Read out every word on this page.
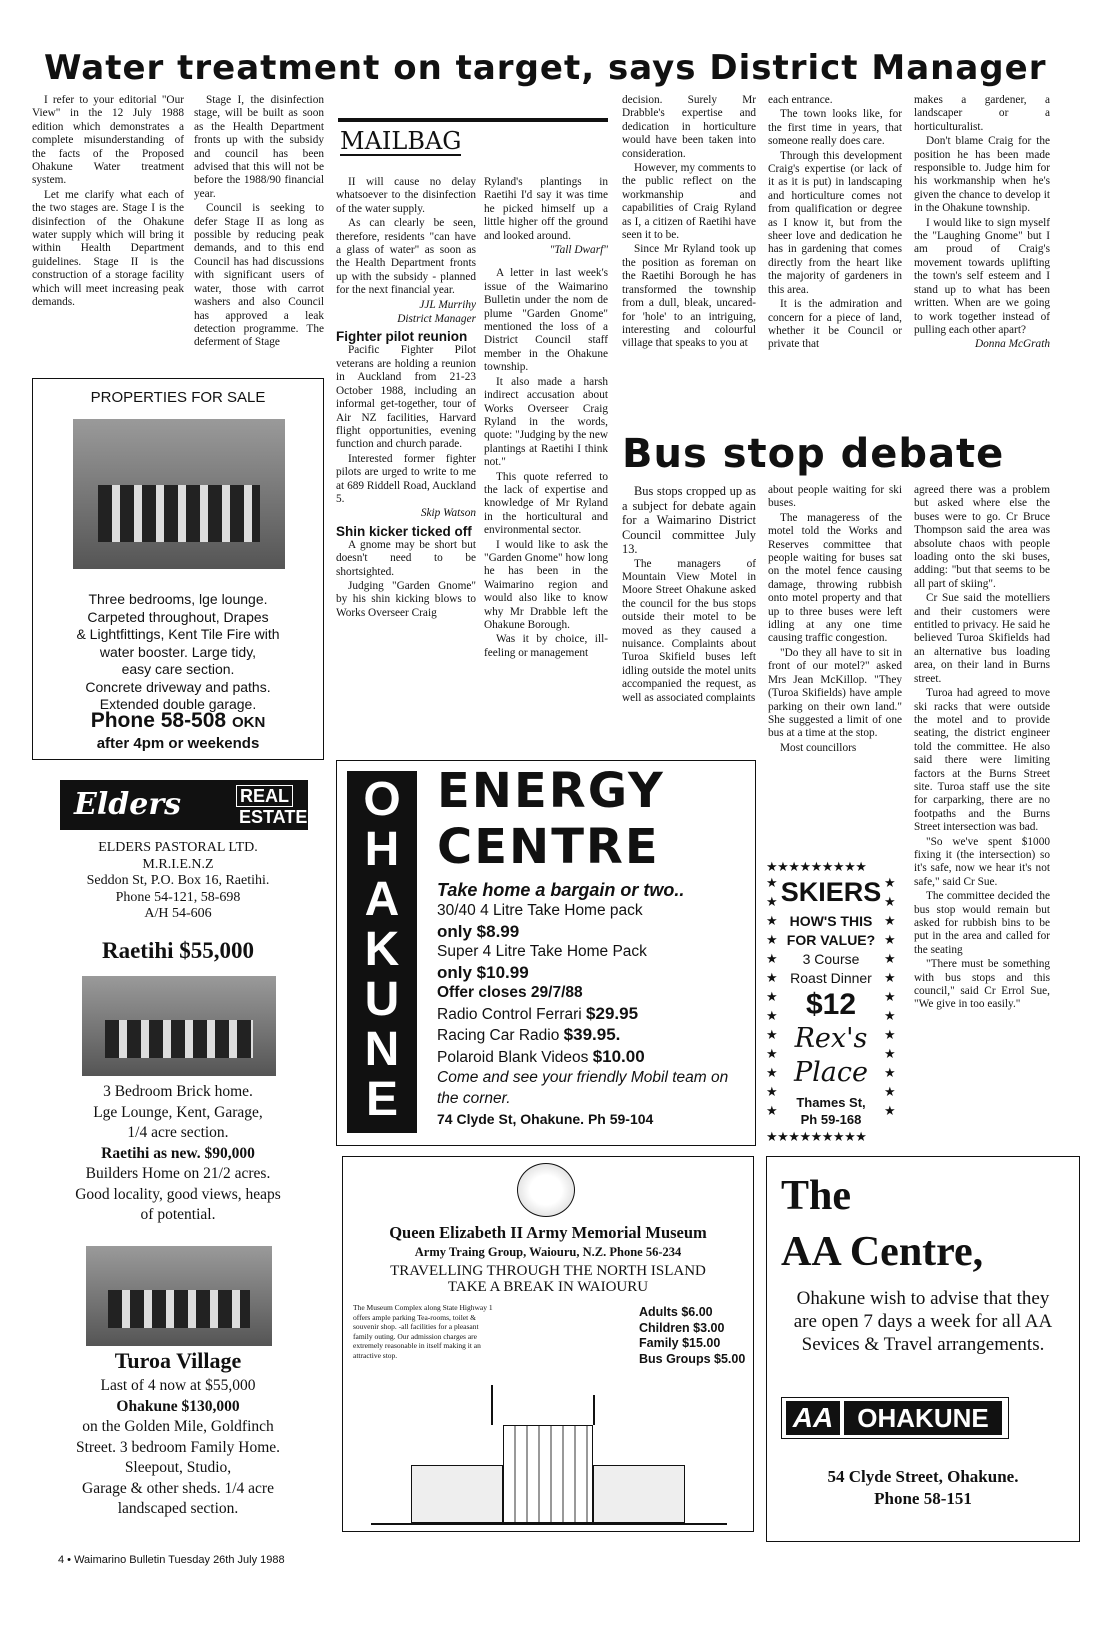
Water treatment on target, says District Manager

I refer to your editorial "Our View" in the 12 July 1988 edition which demonstrates a complete misunderstanding of the facts of the Proposed Ohakune Water treatment system.

Let me clarify what each of the two stages are. Stage I is the disinfection of the Ohakune water supply which will bring it within Health Department guidelines. Stage II is the construction of a storage facility which will meet increasing peak demands.

Stage I, the disinfection stage, will be built as soon as the Health Department fronts up with the subsidy and council has been advised that this will not be before the 1988/90 financial year.

Council is seeking to defer Stage II as long as possible by reducing peak demands, and to this end Council has had discussions with significant users of water, those with carrot washers and also Council has approved a leak detection programme. The deferment of Stage

MAILBAG

II will cause no delay whatsoever to the disinfection of the water supply.

As can clearly be seen, therefore, residents "can have a glass of water" as soon as the Health Department fronts up with the subsidy - planned for the next financial year.

JJL Murrihy

District Manager

Fighter pilot reunion

Pacific Fighter Pilot veterans are holding a reunion in Auckland from 21-23 October 1988, including an informal get-together, tour of Air NZ facilities, Harvard flight opportunities, evening function and church parade.

Interested former fighter pilots are urged to write to me at 689 Riddell Road, Auckland 5.

Skip Watson

Shin kicker ticked off

A gnome may be short but doesn't need to be shortsighted.

Judging "Garden Gnome" by his shin kicking blows to Works Overseer Craig

Ryland's plantings in Raetihi I'd say it was time he picked himself up a little higher off the ground and looked around.

"Tall Dwarf"

A letter in last week's issue of the Waimarino Bulletin under the nom de plume "Garden Gnome" mentioned the loss of a District Council staff member in the Ohakune township.

It also made a harsh indirect accusation about Works Overseer Craig Ryland in the words, quote: "Judging by the new plantings at Raetihi I think not."

This quote referred to the lack of expertise and knowledge of Mr Ryland in the horticultural and environmental sector.

I would like to ask the "Garden Gnome" how long he has been in the Waimarino region and would also like to know why Mr Drabble left the Ohakune Borough.

Was it by choice, ill-feeling or management

decision. Surely Mr Drabble's expertise and dedication in horticulture would have been taken into consideration.

However, my comments to the public reflect on the workmanship and capabilities of Craig Ryland as I, a citizen of Raetihi have seen it to be.

Since Mr Ryland took up the position as foreman on the Raetihi Borough he has transformed the township from a dull, bleak, uncared-for 'hole' to an intriguing, interesting and colourful village that speaks to you at

each entrance.

The town looks like, for the first time in years, that someone really does care.

Through this development Craig's expertise (or lack of it as it is put) in landscaping and horticulture comes not from qualification or degree as I know it, but from the sheer love and dedication he has in gardening that comes directly from the heart like the majority of gardeners in this area.

It is the admiration and concern for a piece of land, whether it be Council or private that

makes a gardener, a landscaper or a horticulturalist.

Don't blame Craig for the position he has been made responsible to. Judge him for his workmanship when he's given the chance to develop it in the Ohakune township.

I would like to sign myself the "Laughing Gnome" but I am proud of Craig's movement towards uplifting the town's self esteem and I stand up to what has been written. When are we going to work together instead of pulling each other apart?

Donna McGrath

Bus stop debate

Bus stops cropped up as a subject for debate again for a Waimarino District Council committee July 13.

The managers of Mountain View Motel in Moore Street Ohakune asked the council for the bus stops outside their motel to be moved as they caused a nuisance. Complaints about Turoa Skifield buses left idling outside the motel units accompanied the request, as well as associated complaints

about people waiting for ski buses.

The manageress of the motel told the Works and Reserves committee that people waiting for buses sat on the motel fence causing damage, throwing rubbish onto motel property and that up to three buses were left idling at any one time causing traffic congestion.

"Do they all have to sit in front of our motel?" asked Mrs Jean McKillop. "They (Turoa Skifields) have ample parking on their own land." She suggested a limit of one bus at a time at the stop.

Most councillors

agreed there was a problem but asked where else the buses were to go. Cr Bruce Thompson said the area was absolute chaos with people loading onto the ski buses, adding: "but that seems to be all part of skiing".

Cr Sue said the motelliers and their customers were entitled to privacy. He said he believed Turoa Skifields had an alternative bus loading area, on their land in Burns street.

Turoa had agreed to move ski racks that were outside the motel and to provide seating, the district engineer told the committee. He also said there were limiting factors at the Burns Street site. Turoa staff use the site for carparking, there are no footpaths and the Burns Street intersection was bad.

"So we've spent $1000 fixing it (the intersection) so it's safe, now we hear it's not safe," said Cr Sue.

The committee decided the bus stop would remain but asked for rubbish bins to be put in the area and called for the seating

"There must be something with bus stops and this council," said Cr Errol Sue, "We give in too easily."

PROPERTIES FOR SALE
Three bedrooms, lge lounge.
Carpeted throughout, Drapes
& Lightfittings, Kent Tile Fire with
water booster. Large tidy,
easy care section.
Concrete driveway and paths.
Extended double garage.
Phone 58-508 OKN
after 4pm or weekends
Elders	REAL
ESTATE
ELDERS PASTORAL LTD.
M.R.I.E.N.Z
Seddon St, P.O. Box 16, Raetihi.
Phone 54-121, 58-698
A/H 54-606
Raetihi $55,000
3 Bedroom Brick home.
Lge Lounge, Kent, Garage,
1/4 acre section.
Raetihi as new. $90,000
Builders Home on 21/2 acres.
Good locality, good views, heaps
of potential.
Turoa Village
Last of 4 now at $55,000
Ohakune $130,000
on the Golden Mile, Goldfinch
Street. 3 bedroom Family Home.
Sleepout, Studio,
Garage & other sheds. 1/4 acre
landscaped section.
O
H
A
K
U
N
E
ENERGY
CENTRE
Take home a bargain or two..
30/40 4 Litre Take Home pack
only $8.99
Super 4 Litre Take Home Pack
only $10.99
Offer closes 29/7/88
Radio Control Ferrari $29.95
Racing Car Radio $39.95.
Polaroid Blank Videos $10.00
Come and see your friendly Mobil team on the corner.
74 Clyde St, Ohakune. Ph 59-104
★★★★★★★★★
★
★
★
★
★
★
★
★
★
★
★
★
★
★
★
★
★
★
★
★
★
★
★
★
★
★
★★★★★★★★★
SKIERS
HOW'S THIS
FOR VALUE?
3 Course
Roast Dinner
$12
Rex's
Place
Thames St,
Ph 59-168
Queen Elizabeth II Army Memorial Museum
Army Traing Group, Waiouru, N.Z. Phone 56-234
TRAVELLING THROUGH THE NORTH ISLAND
TAKE A BREAK IN WAIOURU
The Museum Complex along State Highway 1 offers ample parking Tea-rooms, toilet & souvenir shop. -all facilities for a pleasant family outing. Our admission charges are extremely reasonable in itself making it an attractive stop.
Adults $6.00
Children $3.00
Family $15.00
Bus Groups $5.00
The
AA Centre,
Ohakune wish to advise that they are open 7 days a week for all AA Sevices & Travel arrangements.
AA OHAKUNE
54 Clyde Street, Ohakune.
Phone 58-151
4 • Waimarino Bulletin Tuesday 26th July 1988
